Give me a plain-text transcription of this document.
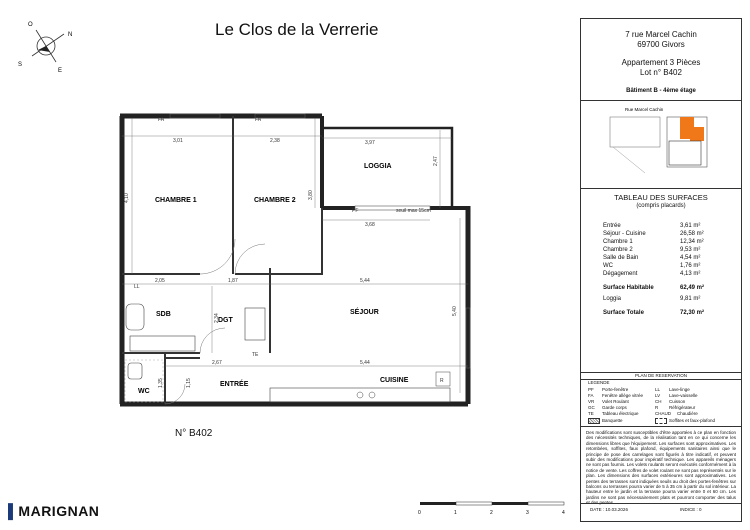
Le Clos de la Verrerie
O
N
S
E
CHAMBRE 1	CHAMBRE 2
LOGGIA
SDB
DGT
SÉJOUR
WC
ENTRÉE
CUISINE
3,01	2,38	3,97
4,10	3,80
2,47
3,68
2,05	1,87	5,44
2,34
5,40
2,67	5,44
1,35	1,15
FA	FA
PF	seuil max 15cm
LL
TE
R
N° B402
0	1	2	3	4
▌MARIGNAN
7 rue Marcel Cachin
69700 Givors
Appartement 3 Pièces
Lot n° B402
Bâtiment B - 4ème étage
Rue Marcel Cachin
TABLEAU DES SURFACES
(compris placards)
Entrée	3,61 m²
Séjour - Cuisine	26,58 m²
Chambre 1	12,34 m²
Chambre 2	9,53 m²
Salle de Bain	4,54 m²
WC	1,76 m²
Dégagement	4,13 m²
Surface Habitable	62,49 m²
Loggia	9,81 m²
Surface Totale	72,30 m²
PLAN DE RESERVATION
LEGENDE
PF Porte-fenêtre	LL Lave-linge
FA Fenêtre allège vitrée	LV Lave-vaisselle
VR Volet Roulant	CH Cuisson
GC Garde corps	R Réfrigérateur
TE Tableau électrique	CHAUD Chaudière
Banquette	Soffites et faux-plafond
Des modifications sont susceptibles d'être apportées à ce plan en fonction des nécessités techniques, de la réalisation tant en ce qui concerne les dimensions libres que l'équipement. Les surfaces sont approximatives. Les retombées, soffites, faux plafond, équipements sanitaires ainsi que le principe de pose des carrelages sont figurés à titre indicatif, et peuvent subir des modifications pour impératif technique. Les appareils ménagers ne sont pas fournis. Les volets roulants seront exécutés conformément à la notice de vente. Les coffres de volet roulant ne sont pas représentés sur le plan. Les dimensions des surfaces extérieures sont approximatives. Les pentes des terrasses sont indiquées seuils au droit des portes-fenêtres sur balcons ou terrasses pourra varier de 5 à 35 cm à partir du sol intérieur. La hauteur entre le jardin et la terrasse pourra varier entre 0 et 60 cm. Les jardins ne sont pas nécessairement plats et pourront comporter des talus et des pentes.
DATE : 10.03.2026	INDICE : 0
